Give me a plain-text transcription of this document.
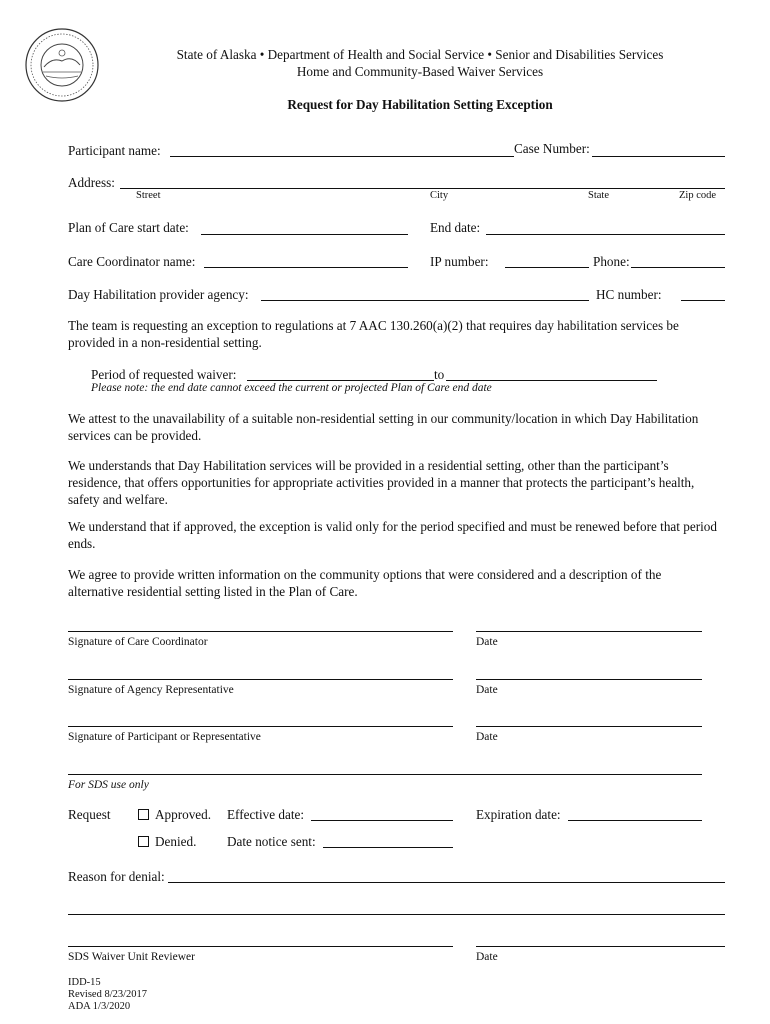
State of Alaska • Department of Health and Social Service • Senior and Disabilities Services
Home and Community-Based Waiver Services
Request for Day Habilitation Setting Exception
Participant name:	Case Number:
Address:
Street	City	State	Zip code
Plan of Care start date:	End date:
Care Coordinator name:	IP number:	Phone:
Day Habilitation provider agency:	HC number:
The team is requesting an exception to regulations at 7 AAC 130.260(a)(2) that requires day habilitation services be provided in a non-residential setting.
Period of requested waiver:	to
Please note: the end date cannot exceed the current or projected Plan of Care end date
We attest to the unavailability of a suitable non-residential setting in our community/location in which Day Habilitation services can be provided.
We understands that Day Habilitation services will be provided in a residential setting, other than the participant’s residence, that offers opportunities for appropriate activities provided in a manner that protects the participant’s health, safety and welfare.
We understand that if approved, the exception is valid only for the period specified and must be renewed before that period ends.
We agree to provide written information on the community options that were considered and a description of the alternative residential setting listed in the Plan of Care.
Signature of Care Coordinator	Date
Signature of Agency Representative	Date
Signature of Participant or Representative	Date
For SDS use only
Request	Approved. Effective date:	Expiration date:
Denied. Date notice sent:
Reason for denial:
SDS Waiver Unit Reviewer	Date
IDD-15
Revised 8/23/2017
ADA 1/3/2020
